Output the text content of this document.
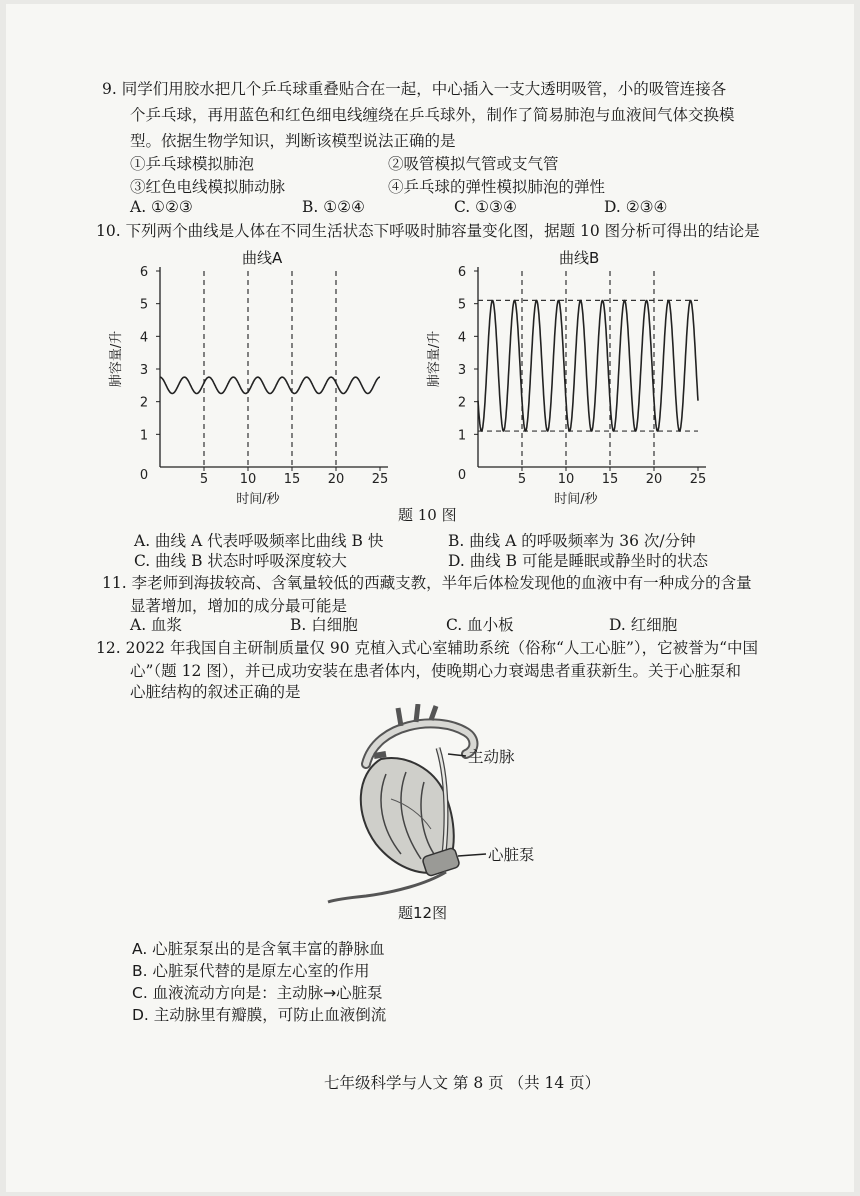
9. 同学们用胶水把几个乒乓球重叠贴合在一起，中心插入一支大透明吸管，小的吸管连接各
个乒乓球，再用蓝色和红色细电线缠绕在乒乓球外，制作了简易肺泡与血液间气体交换模
型。依据生物学知识，判断该模型说法正确的是
①乒乓球模拟肺泡	②吸管模拟气管或支气管
③红色电线模拟肺动脉	④乒乓球的弹性模拟肺泡的弹性
A. ①②③	B. ①②④	C. ①③④	D. ②③④
10. 下列两个曲线是人体在不同生活状态下呼吸时肺容量变化图，据题 10 图分析可得出的结论是
曲线A
1
2
3
4
5
6
0	5 10 15 20 25
肺容量/升
时间/秒
曲线B
1
2
3
4
5
6
0	5 10 15 20 25
肺容量/升
时间/秒
题 10 图
A. 曲线 A 代表呼吸频率比曲线 B 快	B. 曲线 A 的呼吸频率为 36 次/分钟
C. 曲线 B 状态时呼吸深度较大	D. 曲线 B 可能是睡眠或静坐时的状态
11. 李老师到海拔较高、含氧量较低的西藏支教，半年后体检发现他的血液中有一种成分的含量
显著增加，增加的成分最可能是
A. 血浆	B. 白细胞	C. 血小板	D. 红细胞
12. 2022 年我国自主研制质量仅 90 克植入式心室辅助系统（俗称“人工心脏”），它被誉为“中国
心”（题 12 图），并已成功安装在患者体内，使晚期心力衰竭患者重获新生。关于心脏泵和
心脏结构的叙述正确的是
主动脉
心脏泵
题12图
A. 心脏泵泵出的是含氧丰富的静脉血
B. 心脏泵代替的是原左心室的作用
C. 血液流动方向是：主动脉→心脏泵
D. 主动脉里有瓣膜，可防止血液倒流
七年级科学与人文 第 8 页 （共 14 页）
